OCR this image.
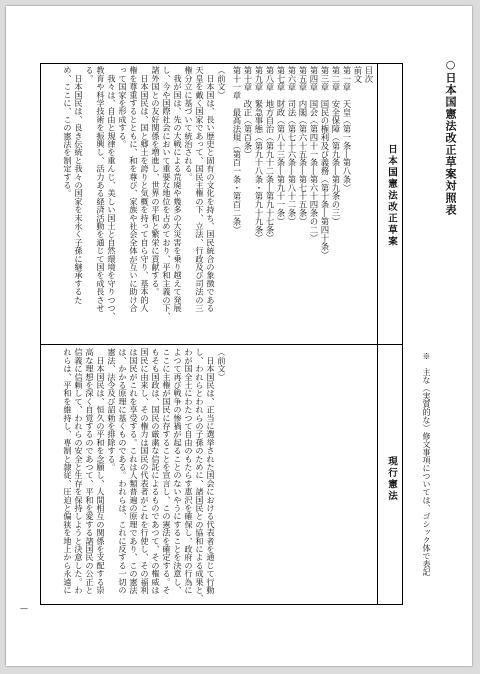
○日本国憲法改正草案対照表
※　主な（実質的な）修文事項については、ゴシック体で表記
日本国憲法改正草案
現行憲法
目次
前文
第一章　天皇（第一条―第八条）
第二章　安全保障（第九条―第九条の三）
第三章　国民の権利及び義務（第十条―第四十条）
第四章　国会（第四十一条―第六十四条の二）
第五章　内閣（第六十五条―第七十五条）
第六章　司法（第七十六条―第八十二条）
第七章　財政（第八十三条―第九十一条）
第八章　地方自治（第九十二条―第九十七条）
第九章　緊急事態（第九十八条・第九十九条）
第十章　改正（第百条）
第十一章　最高法規（第百一条・第百二条）
（前文）
　日本国は、長い歴史と固有の文化を持ち、国民統合の象徴である
天皇を戴く国家であって、国民主権の下、立法、行政及び司法の三
権分立に基づいて統治される。
　我が国は、先の大戦による荒廃や幾多の大災害を乗り越えて発展
し、今や国際社会において重要な地位を占めており、平和主義の下、
諸外国との友好関係を増進し、世界の平和と繁栄に貢献する。
　日本国民は、国と郷土を誇りと気概を持って自ら守り、基本的人
権を尊重するとともに、和を尊び、家族や社会全体が互いに助け合
って国家を形成する。
　我々は、自由と規律を重んじ、美しい国土と自然環境を守りつつ、
教育や科学技術を振興し、活力ある経済活動を通じて国を成長させ
る。
　日本国民は、良き伝統と我々の国家を末永く子孫に継承するた
め、ここに、この憲法を制定する。
（前文）
　日本国民は、正当に選挙された国会における代表者を通じて行動
し、われらとわれらの子孫のために、諸国民との協和による成果と、
わが国全土にわたつて自由のもたらす恵沢を確保し、政府の行為に
よつて再び戦争の惨禍が起ることのないやうにすることを決意し、
ここに主権が国民に存することを宣言し、この憲法を確定する。そ
もそも国政は、国民の厳粛な信託によるものであつて、その権威は
国民に由来し、その権力は国民の代表者がこれを行使し、その福利
は国民がこれを享受する。これは人類普遍の原理であり、この憲法
は、かかる原理に基くものである。われらは、これに反する一切の
憲法、法令及び詔勅を排除する。
　日本国民は、恒久の平和を念願し、人間相互の関係を支配する崇
高な理想を深く自覚するのであつて、平和を愛する諸国民の公正と
信義に信頼して、われらの安全と生存を保持しようと決意した。わ
れらは、平和を維持し、専制と隷従、圧迫と偏狭を地上から永遠に
—
